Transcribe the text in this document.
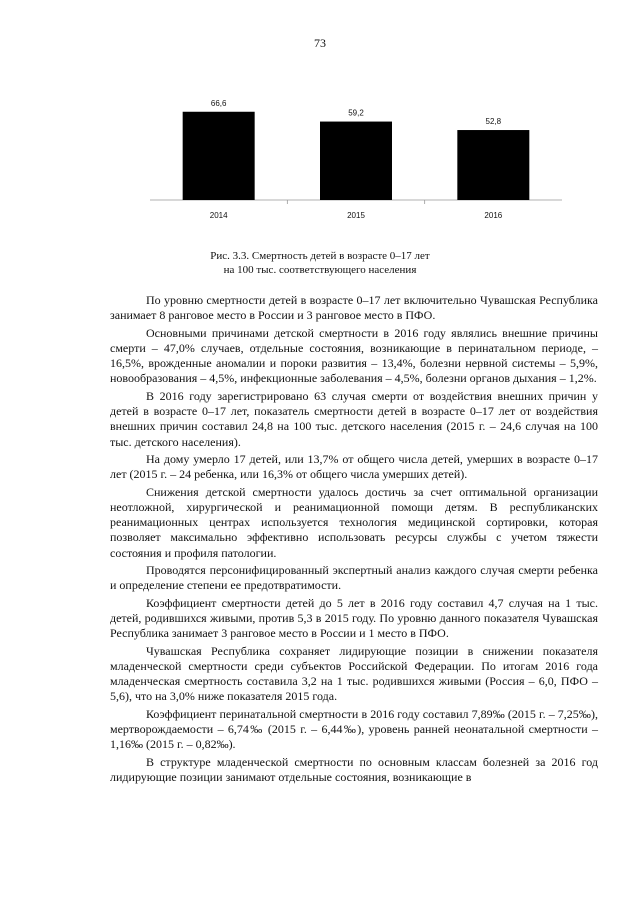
73
66,6
2014
59,2
2015
52,8
2016
Рис. 3.3. Смертность детей в возрасте 0–17 лет
на 100 тыс. соответствующего населения

По уровню смертности детей в возрасте 0–17 лет включительно Чувашская Республика занимает 8 ранговое место в России и 3 ранговое место в ПФО.

Основными причинами детской смертности в 2016 году являлись внешние причины смерти – 47,0% случаев, отдельные состояния, возникающие в перинатальном периоде, – 16,5%, врожденные аномалии и пороки развития – 13,4%, болезни нервной системы – 5,9%, новообразования – 4,5%, инфекционные заболевания – 4,5%, болезни органов дыхания – 1,2%.

В 2016 году зарегистрировано 63 случая смерти от воздействия внешних причин у детей в возрасте 0–17 лет, показатель смертности детей в возрасте 0–17 лет от воздействия внешних причин составил 24,8 на 100 тыс. детского населения (2015 г. – 24,6 случая на 100 тыс. детского населения).

На дому умерло 17 детей, или 13,7% от общего числа детей, умерших в возрасте 0–17 лет (2015 г. – 24 ребенка, или 16,3% от общего числа умерших детей).

Снижения детской смертности удалось достичь за счет оптимальной организации неотложной, хирургической и реанимационной помощи детям. В республиканских реанимационных центрах используется технология медицинской сортировки, которая позволяет максимально эффективно использовать ресурсы службы с учетом тяжести состояния и профиля патологии.

Проводятся персонифицированный экспертный анализ каждого случая смерти ребенка и определение степени ее предотвратимости.

Коэффициент смертности детей до 5 лет в 2016 году составил 4,7 случая на 1 тыс. детей, родившихся живыми, против 5,3 в 2015 году. По уровню данного показателя Чувашская Республика занимает 3 ранговое место в России и 1 место в ПФО.

Чувашская Республика сохраняет лидирующие позиции в снижении показателя младенческой смертности среди субъектов Российской Федерации. По итогам 2016 года младенческая смертность составила 3,2 на 1 тыс. родившихся живыми (Россия – 6,0, ПФО – 5,6), что на 3,0% ниже показателя 2015 года.

Коэффициент перинатальной смертности в 2016 году составил 7,89‰ (2015 г. – 7,25‰), мертворождаемости – 6,74‰ (2015 г. – 6,44‰), уровень ранней неонатальной смертности – 1,16‰ (2015 г. – 0,82‰).

В структуре младенческой смертности по основным классам болезней за 2016 год лидирующие позиции занимают отдельные состояния, возникающие в
